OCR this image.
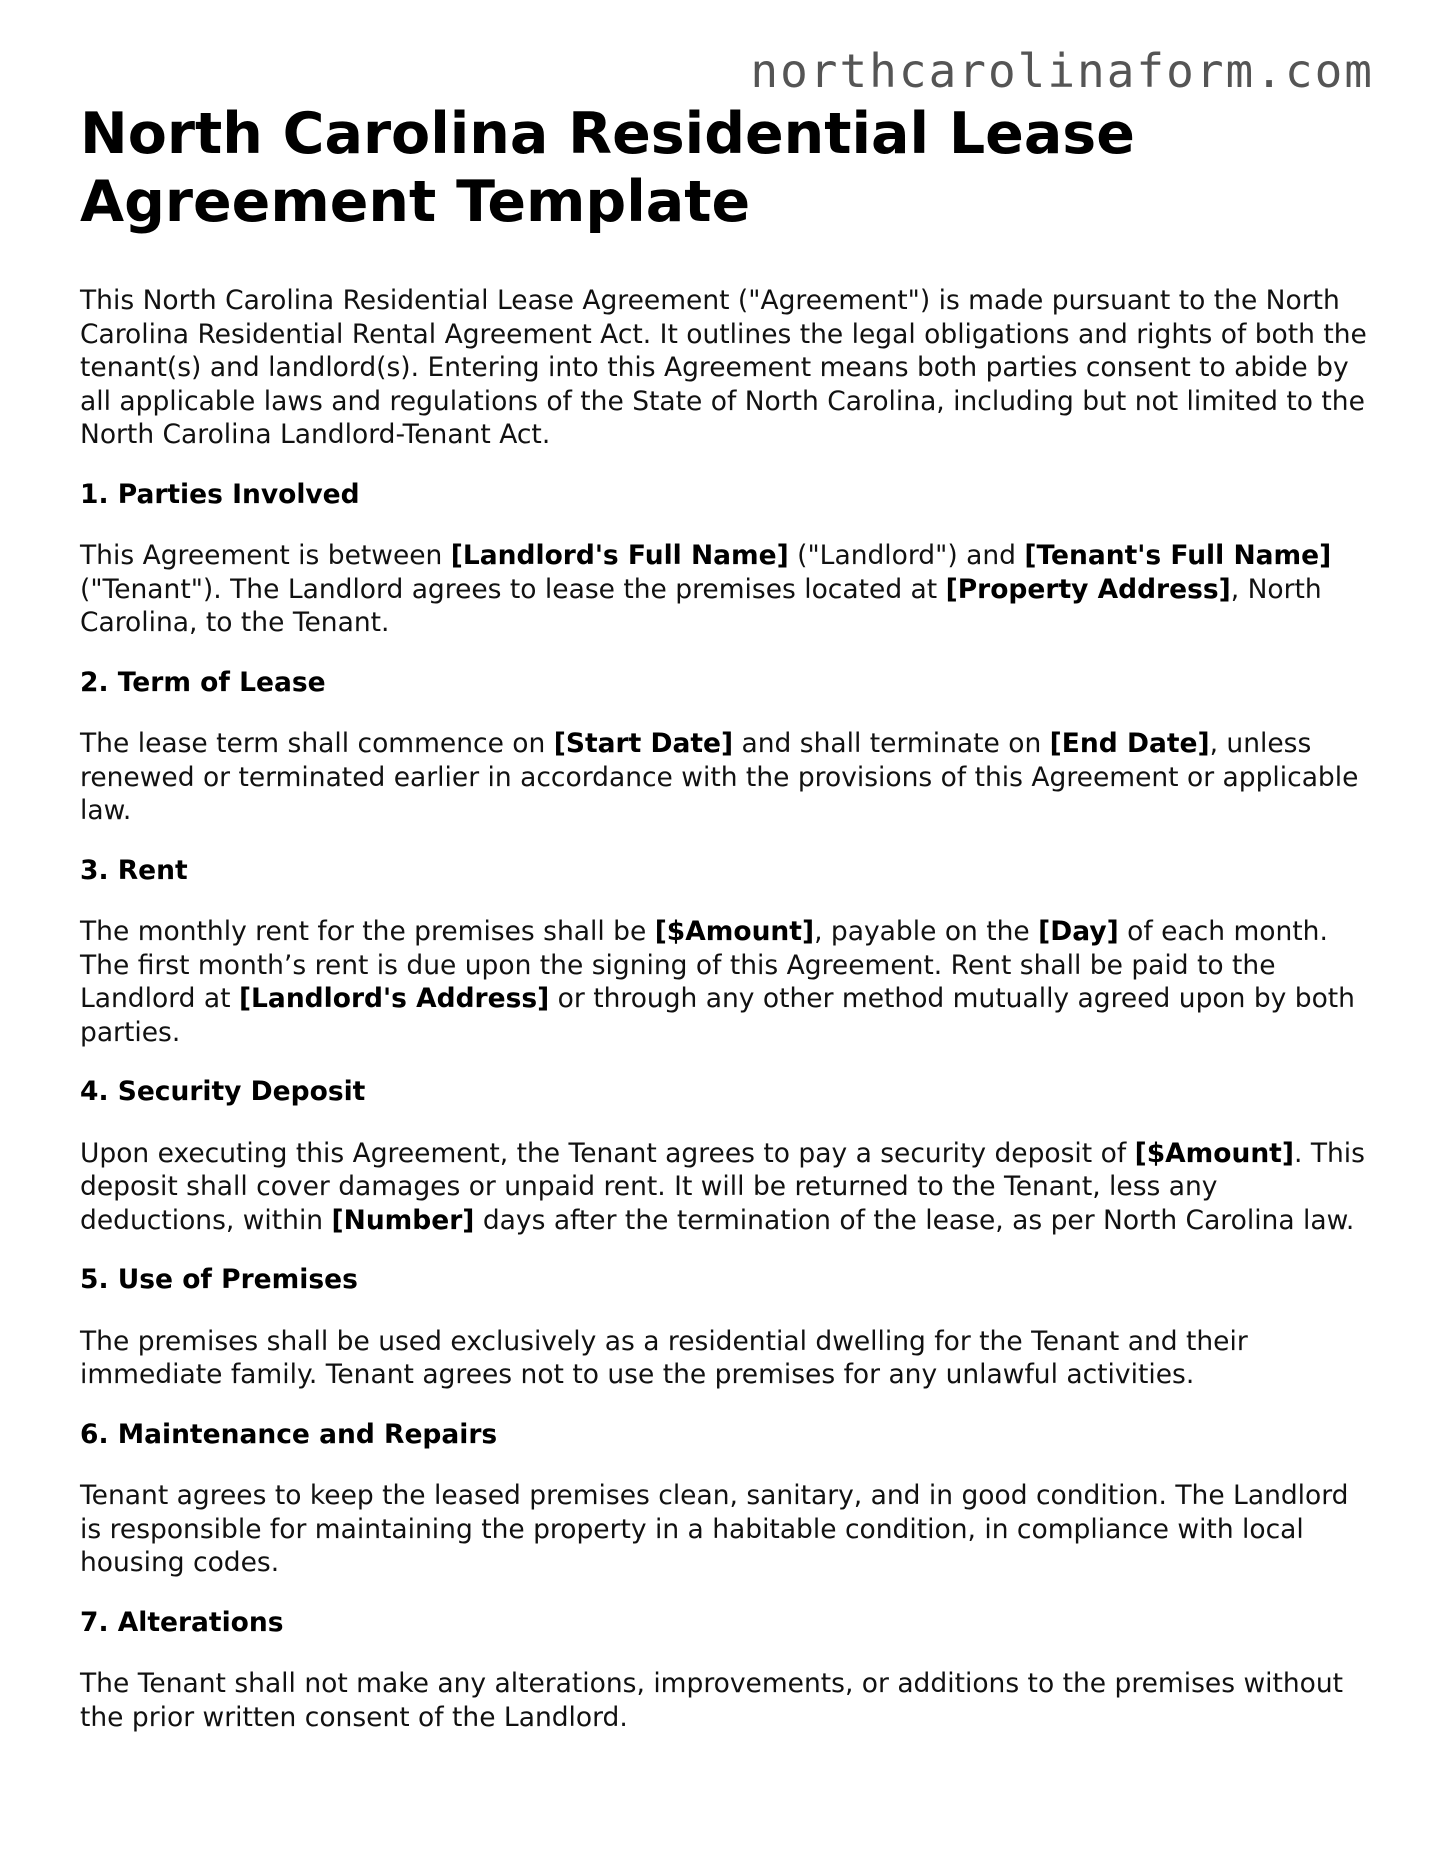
northcarolinaform.com
North Carolina Residential Lease Agreement Template

This North Carolina Residential Lease Agreement ("Agreement") is made pursuant to the North Carolina Residential Rental Agreement Act. It outlines the legal obligations and rights of both the tenant(s) and landlord(s). Entering into this Agreement means both parties consent to abide by all applicable laws and regulations of the State of North Carolina, including but not limited to the North Carolina Landlord-Tenant Act.

1. Parties Involved

This Agreement is between [Landlord's Full Name] ("Landlord") and [Tenant's Full Name] ("Tenant"). The Landlord agrees to lease the premises located at [Property Address], North Carolina, to the Tenant.

2. Term of Lease

The lease term shall commence on [Start Date] and shall terminate on [End Date], unless renewed or terminated earlier in accordance with the provisions of this Agreement or applicable law.

3. Rent

The monthly rent for the premises shall be [$Amount], payable on the [Day] of each month. The first month’s rent is due upon the signing of this Agreement. Rent shall be paid to the Landlord at [Landlord's Address] or through any other method mutually agreed upon by both parties.

4. Security Deposit

Upon executing this Agreement, the Tenant agrees to pay a security deposit of [$Amount]. This deposit shall cover damages or unpaid rent. It will be returned to the Tenant, less any deductions, within [Number] days after the termination of the lease, as per North Carolina law.

5. Use of Premises

The premises shall be used exclusively as a residential dwelling for the Tenant and their immediate family. Tenant agrees not to use the premises for any unlawful activities.

6. Maintenance and Repairs

Tenant agrees to keep the leased premises clean, sanitary, and in good condition. The Landlord is responsible for maintaining the property in a habitable condition, in compliance with local housing codes.

7. Alterations

The Tenant shall not make any alterations, improvements, or additions to the premises without the prior written consent of the Landlord.
